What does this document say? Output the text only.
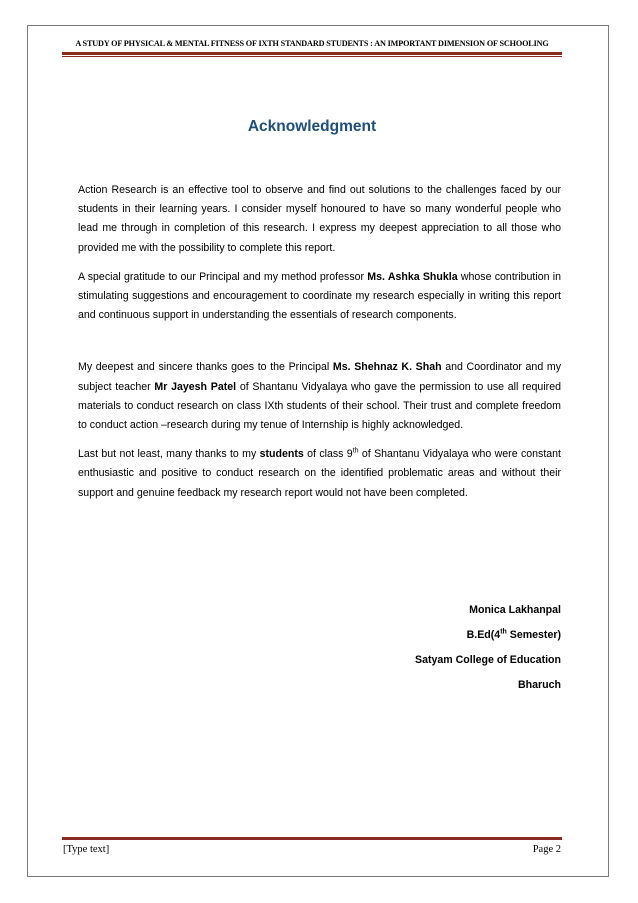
A STUDY OF PHYSICAL & MENTAL FITNESS OF IXTH STANDARD STUDENTS : AN IMPORTANT DIMENSION OF SCHOOLING
Acknowledgment

Action Research is an effective tool to observe and find out solutions to the challenges faced by our students in their learning years. I consider myself honoured to have so many wonderful people who lead me through in completion of this research. I express my deepest appreciation to all those who provided me with the possibility to complete this report.

A special gratitude to our Principal and my method professor Ms. Ashka Shukla whose contribution in stimulating suggestions and encouragement to coordinate my research especially in writing this report and continuous support in understanding the essentials of research components.

My deepest and sincere thanks goes to the Principal Ms. Shehnaz K. Shah and Coordinator and my subject teacher Mr Jayesh Patel of Shantanu Vidyalaya who gave the permission to use all required materials to conduct research on class IXth students of their school. Their trust and complete freedom to conduct action –research during my tenue of Internship is highly acknowledged.

Last but not least, many thanks to my students of class 9th of Shantanu Vidyalaya who were constant enthusiastic and positive to conduct research on the identified problematic areas and without their support and genuine feedback my research report would not have been completed.

Monica Lakhanpal
B.Ed(4th Semester)
Satyam College of Education
Bharuch
[Type text]	Page 2
